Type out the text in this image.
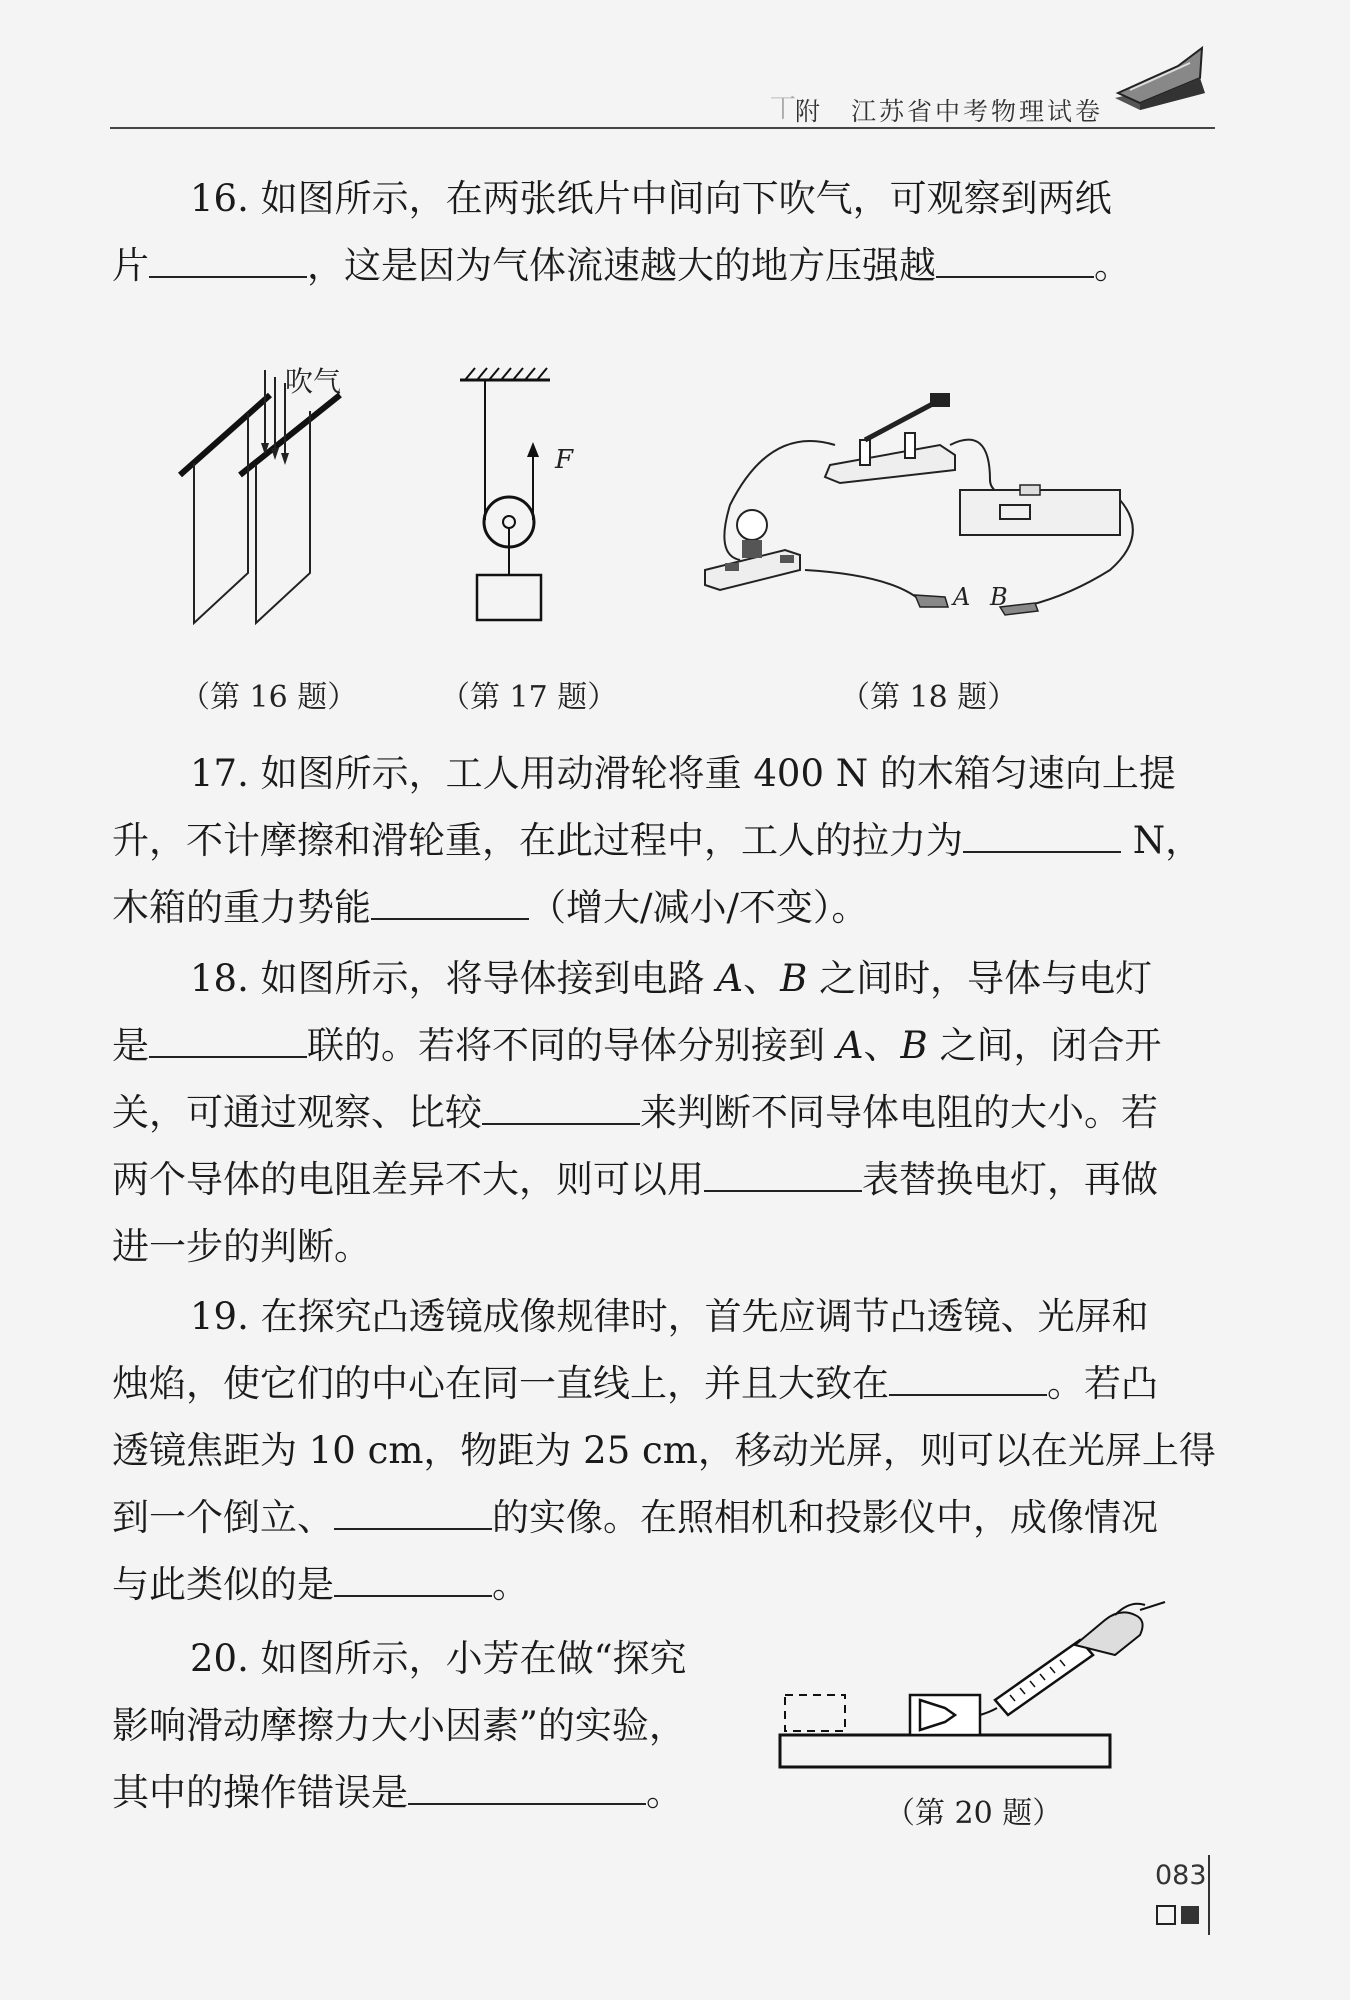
丅
附　江苏省中考物理试卷

16. 如图所示，在两张纸片中间向下吹气，可观察到两纸

片	，这是因为气体流速越大的地方压强越	。

吹气
F
A B
（第 16 题）	（第 17 题）	（第 18 题）

17. 如图所示，工人用动滑轮将重 400 N 的木箱匀速向上提

升，不计摩擦和滑轮重，在此过程中，工人的拉力为	N，

木箱的重力势能	（增大/减小/不变）。

18. 如图所示，将导体接到电路 A、B 之间时，导体与电灯

是	联的。若将不同的导体分别接到 A、B 之间，闭合开

关，可通过观察、比较	来判断不同导体电阻的大小。若

两个导体的电阻差异不大，则可以用	表替换电灯，再做

进一步的判断。

19. 在探究凸透镜成像规律时，首先应调节凸透镜、光屏和

烛焰，使它们的中心在同一直线上，并且大致在	。若凸

透镜焦距为 10 cm，物距为 25 cm，移动光屏，则可以在光屏上得

到一个倒立、	的实像。在照相机和投影仪中，成像情况

与此类似的是	。

20. 如图所示，小芳在做“探究

影响滑动摩擦力大小因素”的实验，

其中的操作错误是	。	（第 20 题）
083
